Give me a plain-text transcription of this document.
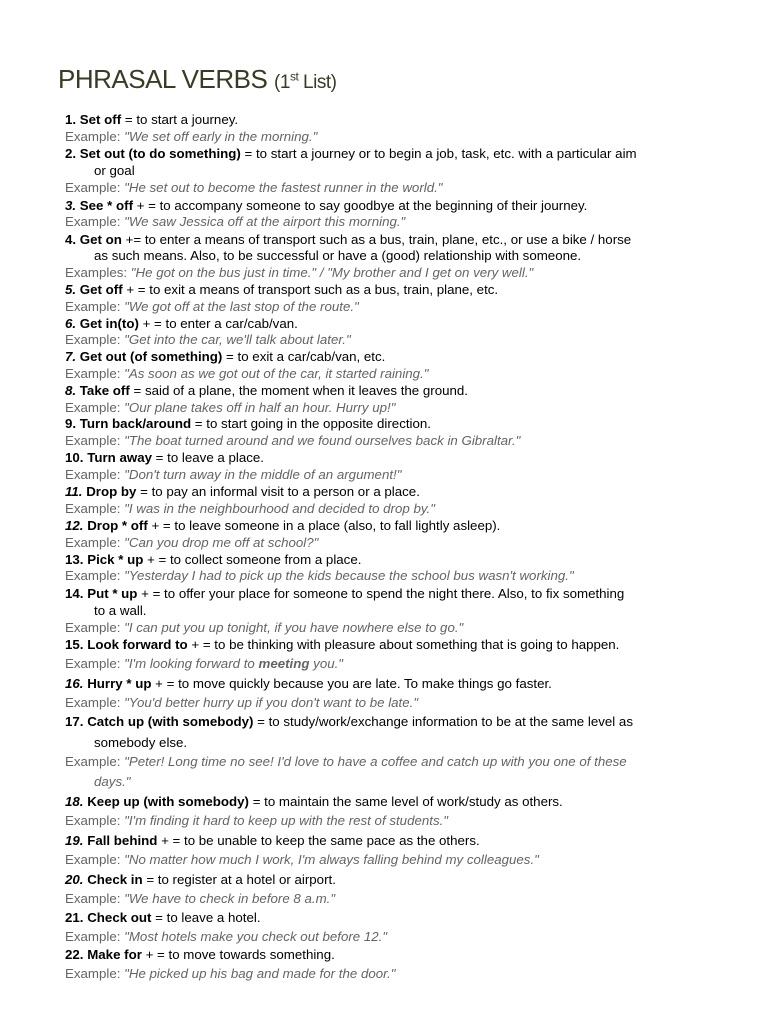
PHRASAL VERBS (1st List)
1. Set off = to start a journey.
Example: "We set off early in the morning."
2. Set out (to do something) = to start a journey or to begin a job, task, etc. with a particular aim
or goal
Example: "He set out to become the fastest runner in the world."
3. See * off + = to accompany someone to say goodbye at the beginning of their journey.
Example: "We saw Jessica off at the airport this morning."
4. Get on += to enter a means of transport such as a bus, train, plane, etc., or use a bike / horse
as such means. Also, to be successful or have a (good) relationship with someone.
Examples: "He got on the bus just in time." / "My brother and I get on very well."
5. Get off + = to exit a means of transport such as a bus, train, plane, etc.
Example: "We got off at the last stop of the route."
6. Get in(to) + = to enter a car/cab/van.
Example: "Get into the car, we'll talk about later."
7. Get out (of something) = to exit a car/cab/van, etc.
Example: "As soon as we got out of the car, it started raining."
8. Take off = said of a plane, the moment when it leaves the ground.
Example: "Our plane takes off in half an hour. Hurry up!"
9. Turn back/around = to start going in the opposite direction.
Example: "The boat turned around and we found ourselves back in Gibraltar."
10. Turn away = to leave a place.
Example: "Don't turn away in the middle of an argument!"
11. Drop by = to pay an informal visit to a person or a place.
Example: "I was in the neighbourhood and decided to drop by."
12. Drop * off + = to leave someone in a place (also, to fall lightly asleep).
Example: "Can you drop me off at school?"
13. Pick * up + = to collect someone from a place.
Example: "Yesterday I had to pick up the kids because the school bus wasn't working."
14. Put * up + = to offer your place for someone to spend the night there. Also, to fix something
to a wall.
Example: "I can put you up tonight, if you have nowhere else to go."
15. Look forward to + = to be thinking with pleasure about something that is going to happen.
Example: "I'm looking forward to meeting you."
16. Hurry * up + = to move quickly because you are late. To make things go faster.
Example: "You'd better hurry up if you don't want to be late."
17. Catch up (with somebody) = to study/work/exchange information to be at the same level as
somebody else.
Example: "Peter! Long time no see! I'd love to have a coffee and catch up with you one of these
days."
18. Keep up (with somebody) = to maintain the same level of work/study as others.
Example: "I'm finding it hard to keep up with the rest of students."
19. Fall behind + = to be unable to keep the same pace as the others.
Example: "No matter how much I work, I'm always falling behind my colleagues."
20. Check in = to register at a hotel or airport.
Example: "We have to check in before 8 a.m."
21. Check out = to leave a hotel.
Example: "Most hotels make you check out before 12."
22. Make for + = to move towards something.
Example: "He picked up his bag and made for the door."
